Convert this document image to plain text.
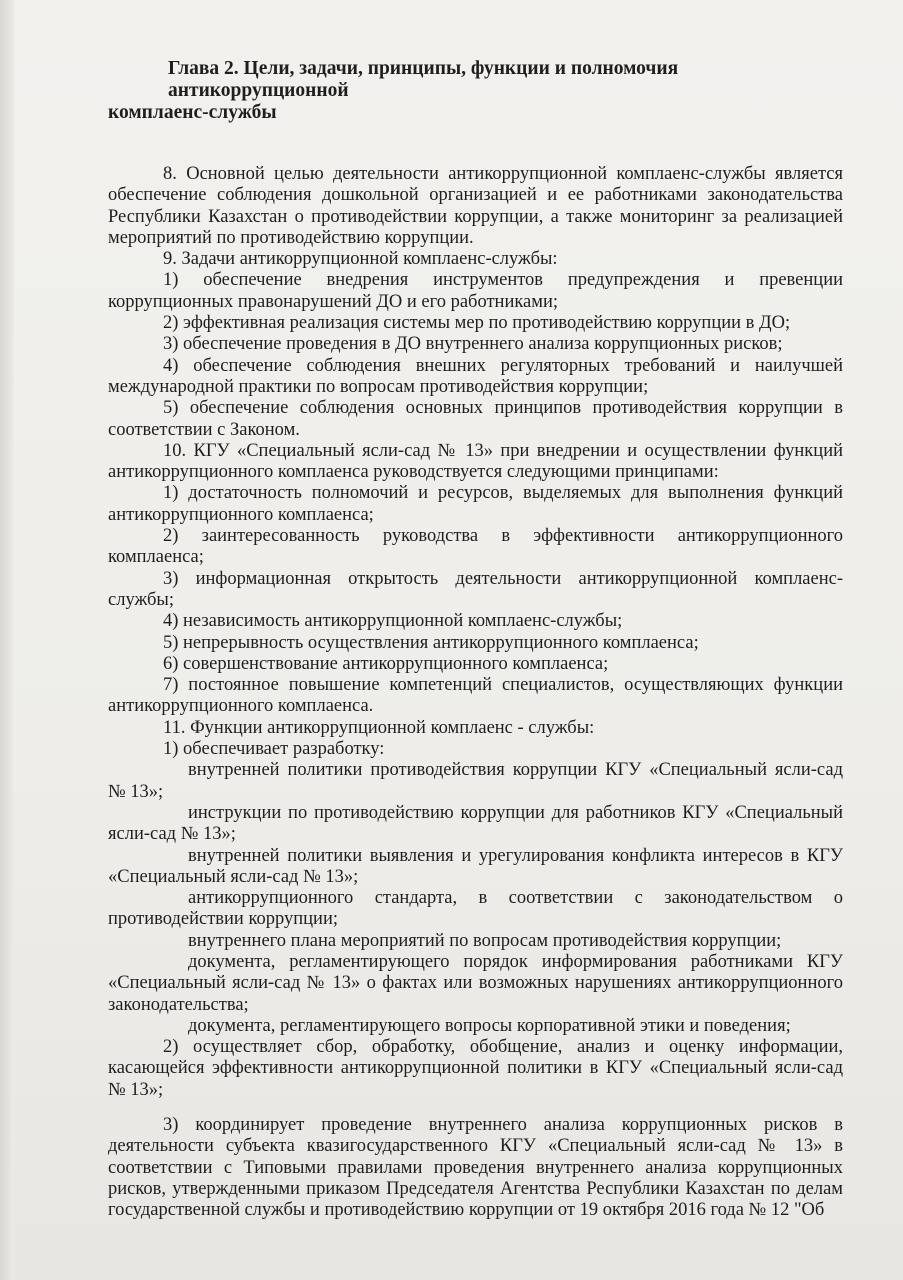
Глава 2. Цели, задачи, принципы, функции и полномочия антикоррупционной
комплаенс-службы

8. Основной целью деятельности антикоррупционной комплаенс-службы является обеспечение соблюдения дошкольной организацией и ее работниками законодательства Республики Казахстан о противодействии коррупции, а также мониторинг за реализацией мероприятий по противодействию коррупции.

9. Задачи антикоррупционной комплаенс-службы:

1) обеспечение внедрения инструментов предупреждения и превенции коррупционных правонарушений ДО и его работниками;

2) эффективная реализация системы мер по противодействию коррупции в ДО;

3) обеспечение проведения в ДО внутреннего анализа коррупционных рисков;

4) обеспечение соблюдения внешних регуляторных требований и наилучшей международной практики по вопросам противодействия коррупции;

5) обеспечение соблюдения основных принципов противодействия коррупции в соответствии с Законом.

10. КГУ «Специальный ясли-сад № 13» при внедрении и осуществлении функций антикоррупционного комплаенса руководствуется следующими принципами:

1) достаточность полномочий и ресурсов, выделяемых для выполнения функций антикоррупционного комплаенса;

2) заинтересованность руководства в эффективности антикоррупционного комплаенса;

3) информационная открытость деятельности антикоррупционной комплаенс-службы;

4) независимость антикоррупционной комплаенс-службы;

5) непрерывность осуществления антикоррупционного комплаенса;

6) совершенствование антикоррупционного комплаенса;

7) постоянное повышение компетенций специалистов, осуществляющих функции антикоррупционного комплаенса.

11. Функции антикоррупционной комплаенс - службы:

1) обеспечивает разработку:

внутренней политики противодействия коррупции КГУ «Специальный ясли-сад № 13»;

инструкции по противодействию коррупции для работников КГУ «Специальный ясли-сад № 13»;

внутренней политики выявления и урегулирования конфликта интересов в КГУ «Специальный ясли-сад № 13»;

антикоррупционного стандарта, в соответствии с законодательством о противодействии коррупции;

внутреннего плана мероприятий по вопросам противодействия коррупции;

документа, регламентирующего порядок информирования работниками КГУ «Специальный ясли-сад № 13» о фактах или возможных нарушениях антикоррупционного законодательства;

документа, регламентирующего вопросы корпоративной этики и поведения;

2) осуществляет сбор, обработку, обобщение, анализ и оценку информации, касающейся эффективности антикоррупционной политики в КГУ «Специальный ясли-сад № 13»;

3) координирует проведение внутреннего анализа коррупционных рисков в деятельности субъекта квазигосударственного КГУ «Специальный ясли-сад № 13» в соответствии с Типовыми правилами проведения внутреннего анализа коррупционных рисков, утвержденными приказом Председателя Агентства Республики Казахстан по делам государственной службы и противодействию коррупции от 19 октября 2016 года № 12 "Об
